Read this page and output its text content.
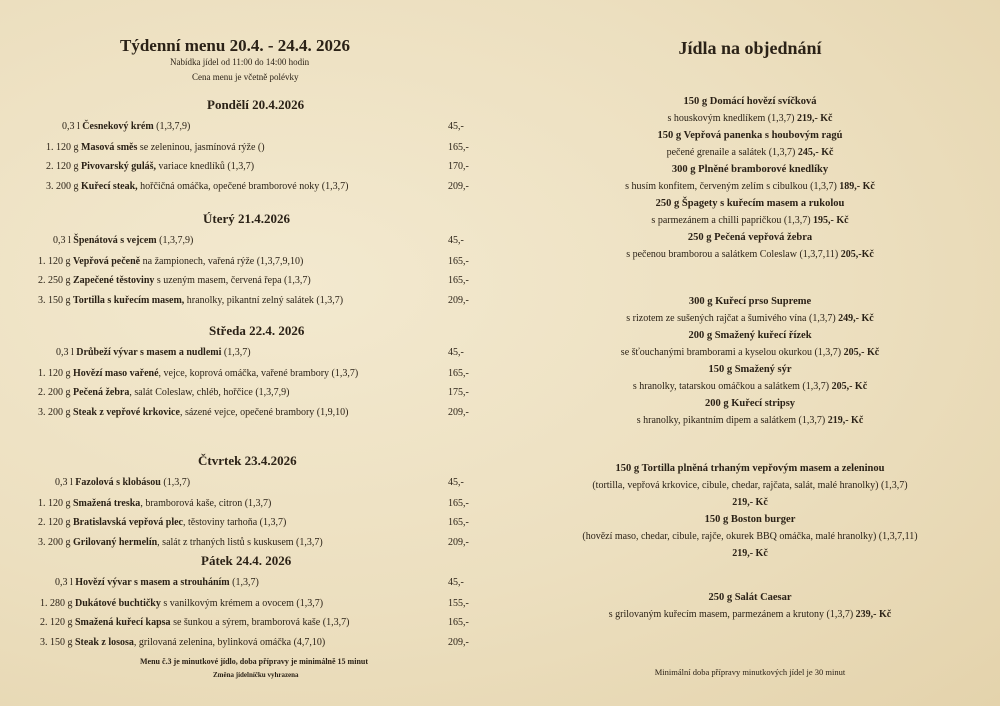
Týdenní menu 20.4. - 24.4. 2026
Nabídka jídel od 11:00 do 14:00 hodin
Cena menu je včetně polévky
Pondělí 20.4.2026
0,3 l Česnekový krém (1,3,7,9)	45,-
1. 120 g Masová směs se zeleninou, jasmínová rýže ()	165,-
2. 120 g Pivovarský guláš, variace knedlíků (1,3,7)	170,-
3. 200 g Kuřecí steak, hořčičná omáčka, opečené bramborové noky (1,3,7)	209,-
Úterý 21.4.2026
0,3 l Špenátová s vejcem (1,3,7,9)	45,-
1. 120 g Vepřová pečeně na žampionech, vařená rýže (1,3,7,9,10)	165,-
2. 250 g Zapečené těstoviny s uzeným masem, červená řepa (1,3,7)	165,-
3. 150 g Tortilla s kuřecím masem, hranolky, pikantní zelný salátek (1,3,7)	209,-
Středa 22.4. 2026
0,3 l Drůbeží vývar s masem a nudlemi (1,3,7)	45,-
1. 120 g Hovězí maso vařené, vejce, koprová omáčka, vařené brambory (1,3,7)	165,-
2. 200 g Pečená žebra, salát Coleslaw, chléb, hořčice (1,3,7,9)	175,-
3. 200 g Steak z vepřové krkovice, sázené vejce, opečené brambory (1,9,10)	209,-
Čtvrtek 23.4.2026
0,3 l Fazolová s klobásou (1,3,7)	45,-
1. 120 g Smažená treska, bramborová kaše, citron (1,3,7)	165,-
2. 120 g Bratislavská vepřová plec, těstoviny tarhoňa (1,3,7)	165,-
3. 200 g Grilovaný hermelín, salát z trhaných listů s kuskusem (1,3,7)	209,-
Pátek 24.4. 2026
0,3 l Hovězí vývar s masem a strouháním (1,3,7)	45,-
1. 280 g Dukátové buchtičky s vanilkovým krémem a ovocem (1,3,7)	155,-
2. 120 g Smažená kuřecí kapsa se šunkou a sýrem, bramborová kaše (1,3,7)	165,-
3. 150 g Steak z lososa, grilovaná zelenina, bylinková omáčka (4,7,10)	209,-
Menu č.3 je minutkové jídlo, doba přípravy je minimálně 15 minut
Změna jídelníčku vyhrazena
Jídla na objednání
150 g Domácí hovězí svíčková
s houskovým knedlíkem (1,3,7) 219,- Kč
150 g Vepřová panenka s houbovým ragú
pečené grenaile a salátek (1,3,7) 245,- Kč
300 g Plněné bramborové knedlíky
s husím konfitem, červeným zelím s cibulkou (1,3,7) 189,- Kč
250 g Špagety s kuřecím masem a rukolou
s parmezánem a chilli papričkou (1,3,7) 195,- Kč
250 g Pečená vepřová žebra
s pečenou bramborou a salátkem Coleslaw (1,3,7,11) 205,-Kč
300 g Kuřecí prso Supreme
s rizotem ze sušených rajčat a šumivého vína (1,3,7) 249,- Kč
200 g Smažený kuřecí řízek
se šťouchanými bramborami a kyselou okurkou (1,3,7) 205,- Kč
150 g Smažený sýr
s hranolky, tatarskou omáčkou a salátkem (1,3,7) 205,- Kč
200 g Kuřecí stripsy
s hranolky, pikantním dipem a salátkem (1,3,7) 219,- Kč
150 g Tortilla plněná trhaným vepřovým masem a zeleninou
(tortilla, vepřová krkovice, cibule, chedar, rajčata, salát, malé hranolky) (1,3,7)
219,- Kč
150 g Boston burger
(hovězí maso, chedar, cibule, rajče, okurek BBQ omáčka, malé hranolky) (1,3,7,11)
219,- Kč
250 g Salát Caesar
s grilovaným kuřecím masem, parmezánem a krutony (1,3,7) 239,- Kč
Minimální doba přípravy minutkových jídel je 30 minut
